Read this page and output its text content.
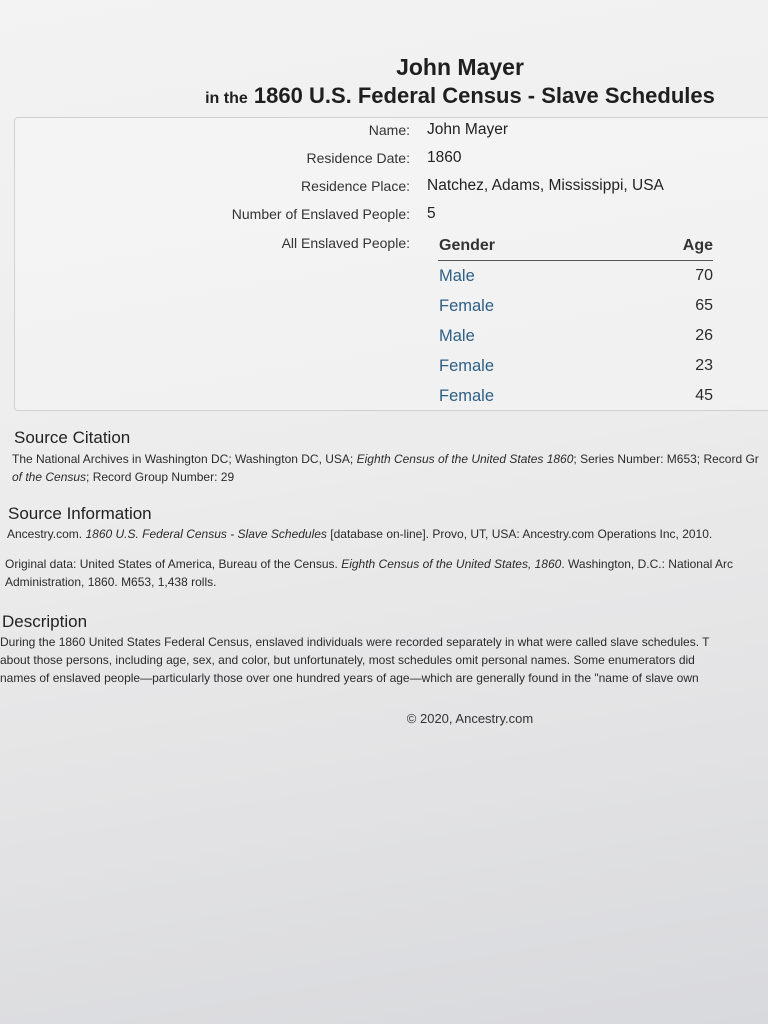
John Mayer
in the 1860 U.S. Federal Census - Slave Schedules
Name: John Mayer
Residence Date: 1860
Residence Place: Natchez, Adams, Mississippi, USA
Number of Enslaved People: 5
All Enslaved People: Gender	Age
Male	70
Female	65
Male	26
Female	23
Female	45
Source Citation
The National Archives in Washington DC; Washington DC, USA; Eighth Census of the United States 1860; Series Number: M653; Record Gr
of the Census; Record Group Number: 29
Source Information
Ancestry.com. 1860 U.S. Federal Census - Slave Schedules [database on-line]. Provo, UT, USA: Ancestry.com Operations Inc, 2010.
Original data: United States of America, Bureau of the Census. Eighth Census of the United States, 1860. Washington, D.C.: National Arc
Administration, 1860. M653, 1,438 rolls.
Description
During the 1860 United States Federal Census, enslaved individuals were recorded separately in what were called slave schedules. T
about those persons, including age, sex, and color, but unfortunately, most schedules omit personal names. Some enumerators did
names of enslaved people—particularly those over one hundred years of age—which are generally found in the "name of slave own
© 2020, Ancestry.com
